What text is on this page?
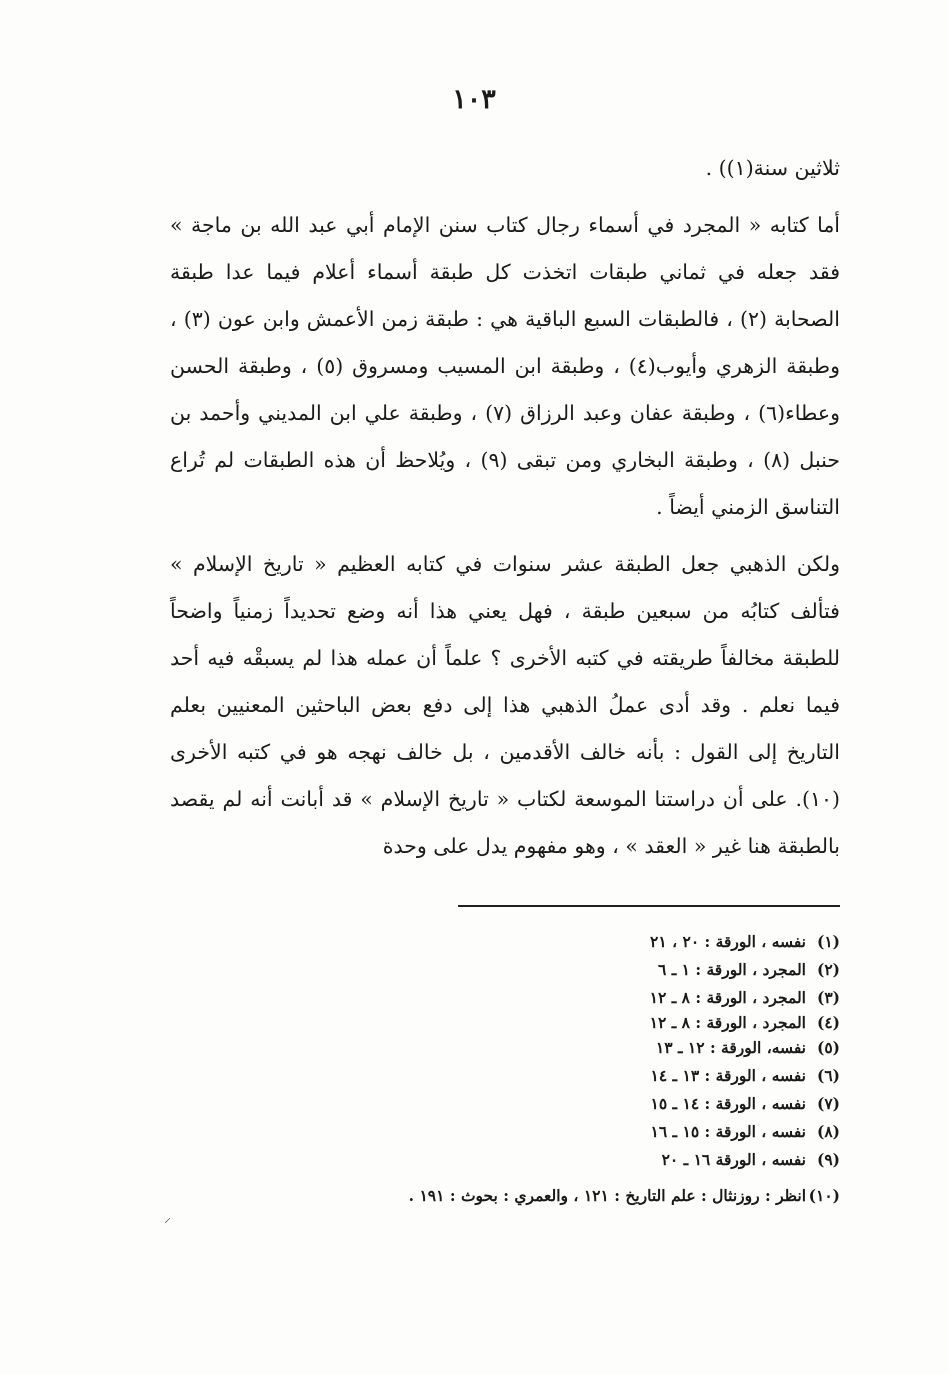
١٠٣

ثلاثين سنة(١)) .

أما كتابه « المجرد في أسماء رجال كتاب سنن الإمام أبي عبد الله بن ماجة » فقد جعله في ثماني طبقات اتخذت كل طبقة أسماء أعلام فيما عدا طبقة الصحابة (٢) ، فالطبقات السبع الباقية هي : طبقة زمن الأعمش وابن عون (٣) ، وطبقة الزهري وأيوب(٤) ، وطبقة ابن المسيب ومسروق (٥) ، وطبقة الحسن وعطاء(٦) ، وطبقة عفان وعبد الرزاق (٧) ، وطبقة علي ابن المديني وأحمد بن حنبل (٨) ، وطبقة البخاري ومن تبقى (٩) ، ويُلاحظ أن هذه الطبقات لم تُراع التناسق الزمني أيضاً .

ولكن الذهبي جعل الطبقة عشر سنوات في كتابه العظيم « تاريخ الإسلام » فتألف كتابُه من سبعين طبقة ، فهل يعني هذا أنه وضع تحديداً زمنياً واضحاً للطبقة مخالفاً طريقته في كتبه الأخرى ؟ علماً أن عمله هذا لم يسبقْه فيه أحد فيما نعلم . وقد أدى عملُ الذهبي هذا إلى دفع بعض الباحثين المعنيين بعلم التاريخ إلى القول : بأنه خالف الأقدمين ، بل خالف نهجه هو في كتبه الأخرى (١٠). على أن دراستنا الموسعة لكتاب « تاريخ الإسلام » قد أبانت أنه لم يقصد بالطبقة هنا غير « العقد » ، وهو مفهوم يدل على وحدة

(١)نفسه ، الورقة : ٢٠ ، ٢١
(٢)المجرد ، الورقة : ١ ـ ٦
(٣)المجرد ، الورقة : ٨ ـ ١٢
(٤)المجرد ، الورقة : ٨ ـ ١٢
(٥)نفسه، الورقة : ١٢ ـ ١٣
(٦)نفسه ، الورقة : ١٣ ـ ١٤
(٧)نفسه ، الورقة : ١٤ ـ ١٥
(٨)نفسه ، الورقة : ١٥ ـ ١٦
(٩)نفسه ، الورقة ١٦ ـ ٢٠
(١٠)انظر : روزنثال : علم التاريخ : ١٢١ ، والعمري : بحوث : ١٩١ .
⸝
